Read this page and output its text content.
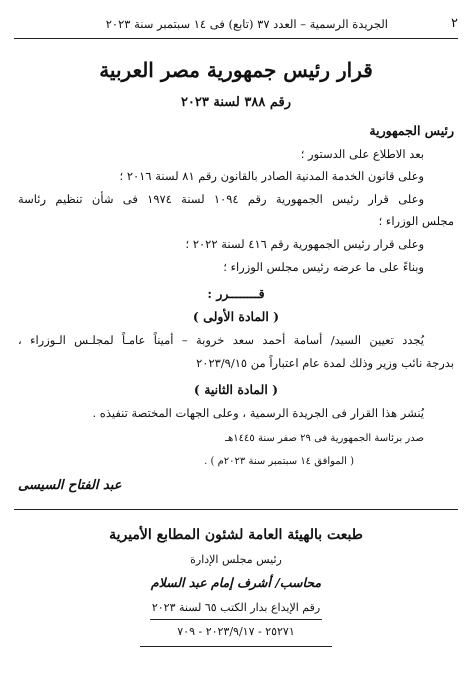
٢
الجريدة الرسمية – العدد ٣٧ (تابع) فى ١٤ سبتمبر سنة ٢٠٢٣
قرار رئيس جمهورية مصر العربية
رقم ٣٨٨ لسنة ٢٠٢٣
رئيس الجمهورية
بعد الاطلاع على الدستور ؛
وعلى قانون الخدمة المدنية الصادر بالقانون رقم ٨١ لسنة ٢٠١٦ ؛
وعلى قرار رئيس الجمهورية رقم ١٠٩٤ لسنة ١٩٧٤ فى شأن تنظيم رئاسة
مجلس الوزراء ؛
وعلى قرار رئيس الجمهورية رقم ٤١٦ لسنة ٢٠٢٢ ؛
وبناءً على ما عرضه رئيس مجلس الوزراء ؛
قــــــــرر :
( المادة الأولى )
يُجدد تعيين السيد/ أسامة أحمد سعد خروبة – أميناً عامـاً لمجلـس الـوزراء ،
بدرجة نائب وزير وذلك لمدة عام اعتباراً من ٢٠٢٣/٩/١٥
( المادة الثانية )
يُنشر هذا القرار فى الجريدة الرسمية ، وعلى الجهات المختصة تنفيذه .
صدر برئاسة الجمهورية فى ٢٩ صفر سنة ١٤٤٥هـ
( الموافق ١٤ سبتمبر سنة ٢٠٢٣م ) .
عبد الفتاح السيسى
طبعت بالهيئة العامة لشئون المطابع الأميرية
رئيس مجلس الإدارة
محاسب/ أشرف إمام عبد السلام
رقم الإيداع بدار الكتب ٦٥ لسنة ٢٠٢٣
٢٥٢٧١ - ٢٠٢٣/٩/١٧ - ٧٠٩
